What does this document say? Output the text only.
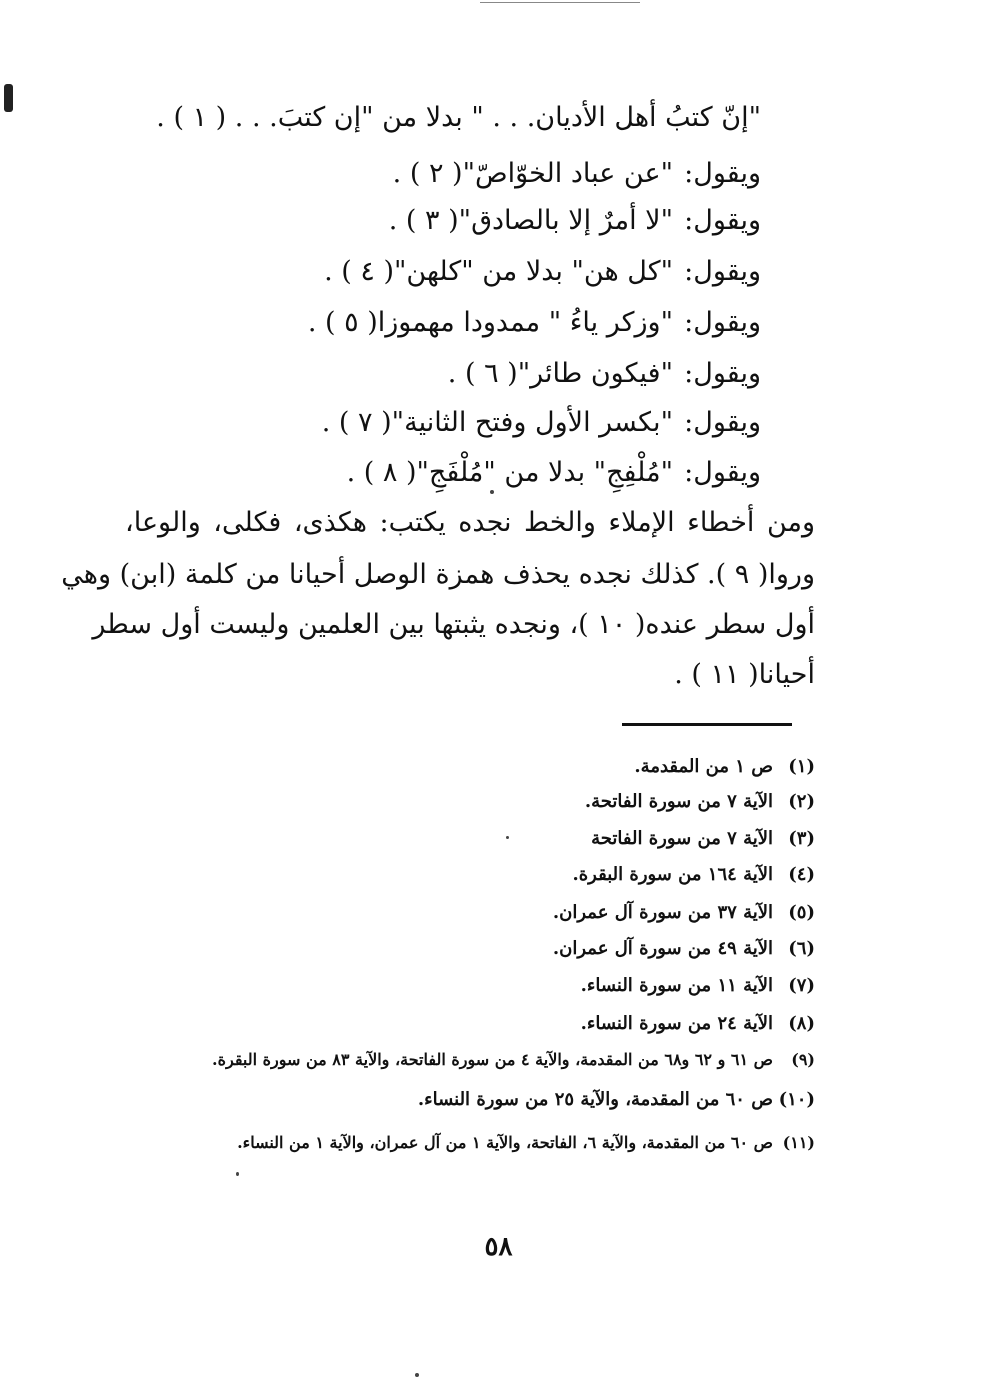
"إنّ كتبُ أهل الأديان. . . " بدلا من "إن كتبَ. . . ( ١ ) .
ويقول:"عن عباد الخوّاصّ"( ٢ ) .
ويقول:"لا أمرٌ إلا بالصادق"( ٣ ) .
ويقول:"كل هن" بدلا من "كلهن"( ٤ ) .
ويقول:"وزكر ياءُ " ممدودا مهموزا( ٥ ) .
ويقول:"فيكون طائر"( ٦ ) .
ويقول:"بكسر الأول وفتح الثانية"( ٧ ) .
ويقول:"مُلْفِجِ" بدلا من "مُلْفَجِ"( ٨ ) .
ومن أخطاء الإملاء والخط نجده يكتب: هكذى، فكلى، والوعا،
وروا( ٩ ). كذلك نجده يحذف همزة الوصل أحيانا من كلمة (ابن) وهي
أول سطر عنده( ١٠ )، ونجده يثبتها بين العلمين وليست أول سطر
أحيانا( ١١ ) .
(١)ص ١ من المقدمة.
(٢)الآية ٧ من سورة الفاتحة.
(٣)الآية ٧ من سورة الفاتحة
(٤)الآية ١٦٤ من سورة البقرة.
(٥)الآية ٣٧ من سورة آل عمران.
(٦)الآية ٤٩ من سورة آل عمران.
(٧)الآية ١١ من سورة النساء.
(٨)الآية ٢٤ من سورة النساء.
(٩)ص ٦١ و ٦٢ و٦٨ من المقدمة، والآية ٤ من سورة الفاتحة، والآية ٨٣ من سورة البقرة.
(١٠)ص ٦٠ من المقدمة، والآية ٢٥ من سورة النساء.
(١١)ص ٦٠ من المقدمة، والآية ٦، الفاتحة، والآية ١ من آل عمران، والآية ١ من النساء.
٥٨
